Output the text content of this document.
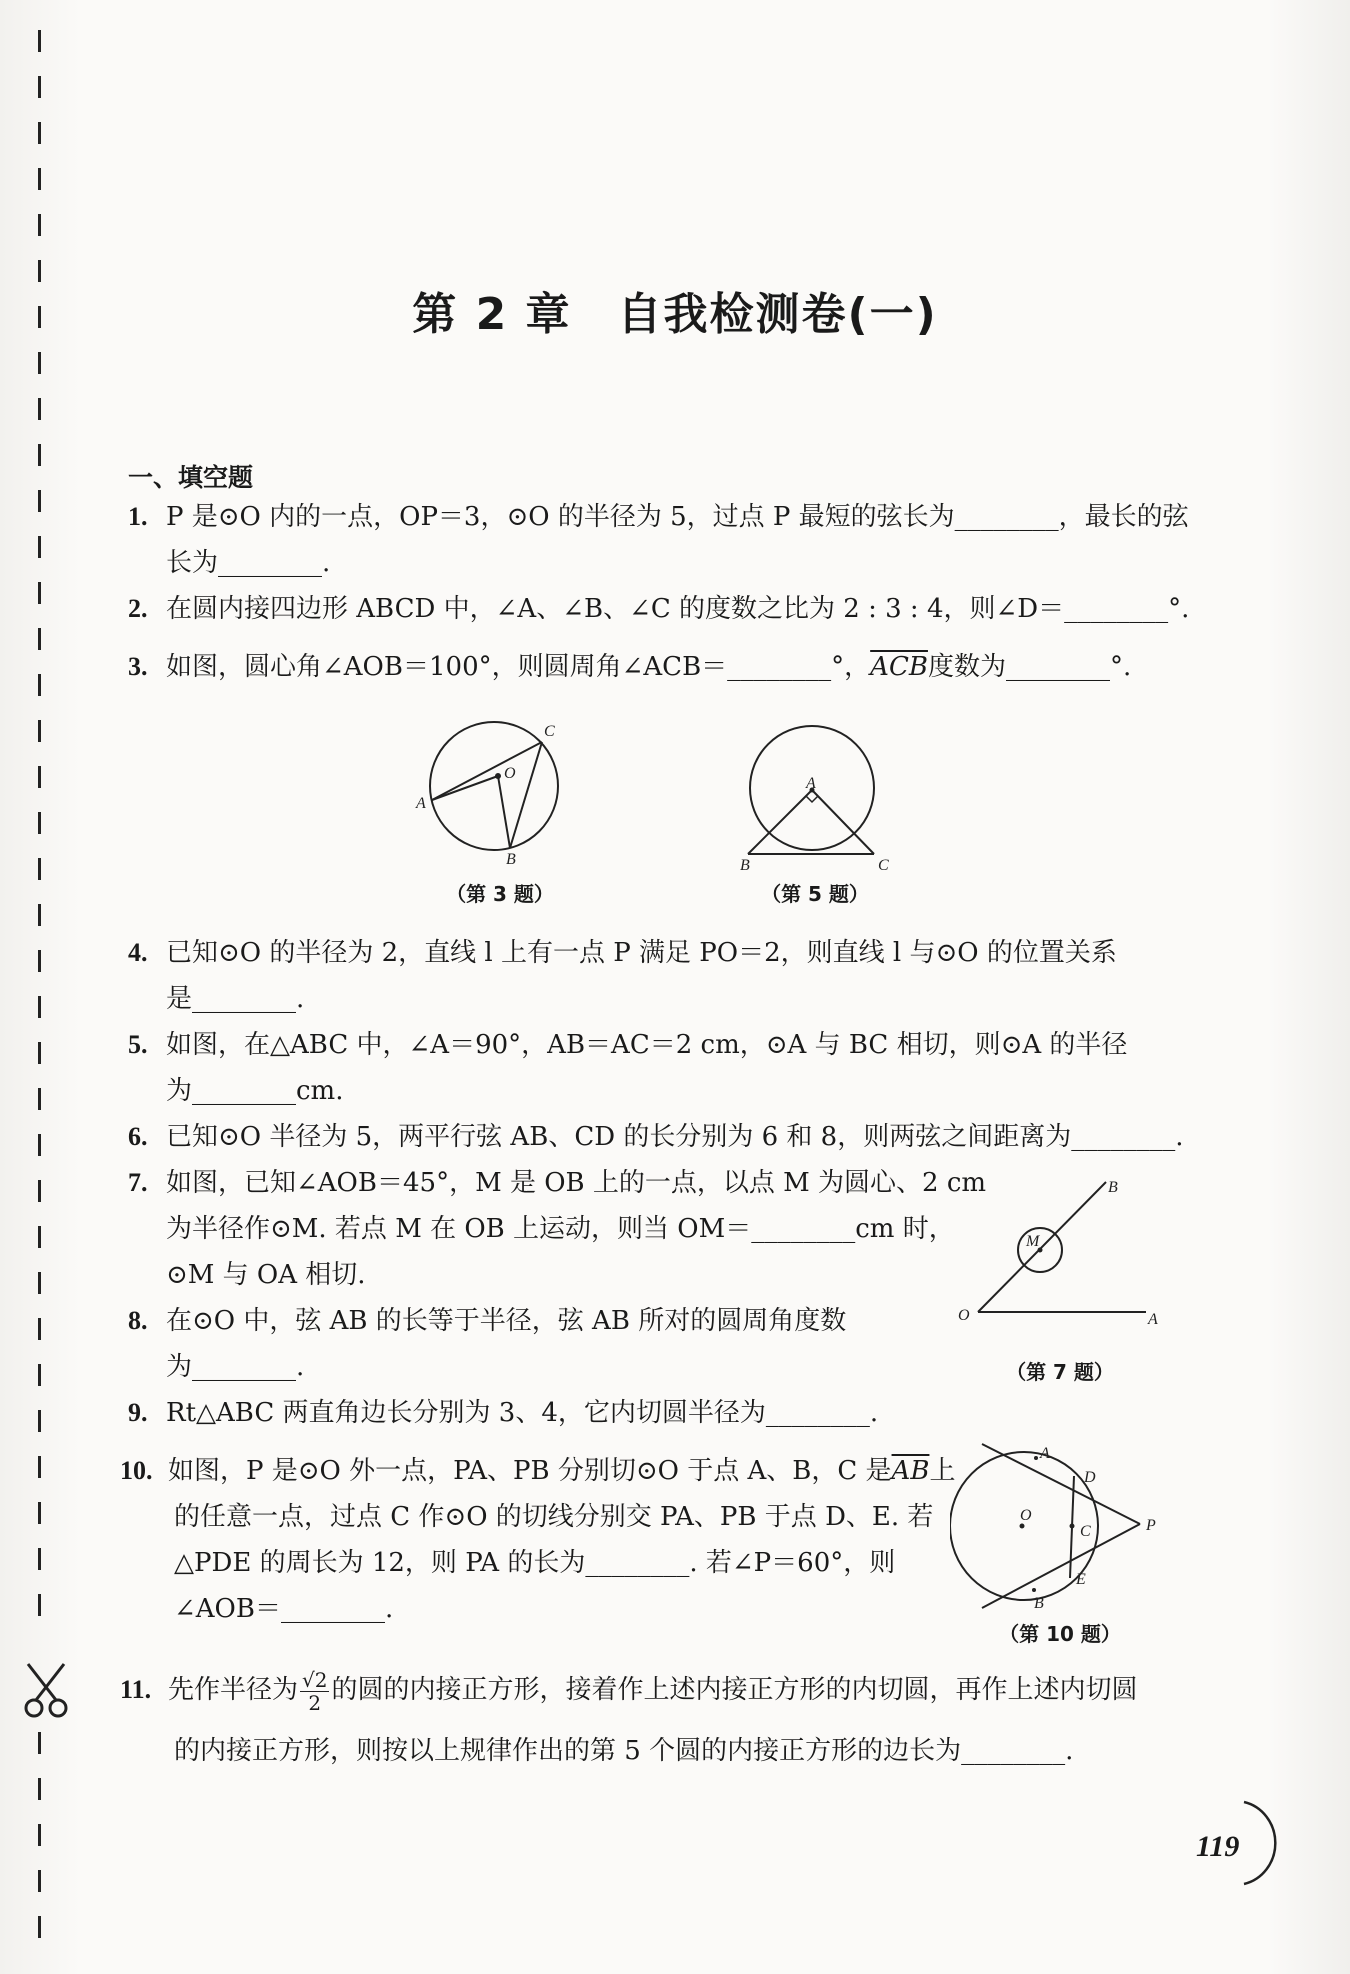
第 2 章　自我检测卷(一)
一、填空题
1. P 是⊙O 内的一点，OP＝3，⊙O 的半径为 5，过点 P 最短的弦长为________，最长的弦
长为________.
2. 在圆内接四边形 ABCD 中，∠A、∠B、∠C 的度数之比为 2 : 3 : 4，则∠D＝________°.
3. 如图，圆心角∠AOB＝100°，则圆周角∠ACB＝________°，$\overline{ACB}$度数为________°.
A
B
C
O
（第 3 题）
A
B	C
（第 5 题）
4. 已知⊙O 的半径为 2，直线 l 上有一点 P 满足 PO＝2，则直线 l 与⊙O 的位置关系
是________.
5. 如图，在△ABC 中，∠A＝90°，AB＝AC＝2 cm，⊙A 与 BC 相切，则⊙A 的半径
为________cm.
6. 已知⊙O 半径为 5，两平行弦 AB、CD 的长分别为 6 和 8，则两弦之间距离为________.
7. 如图，已知∠AOB＝45°，M 是 OB 上的一点，以点 M 为圆心、2 cm
为半径作⊙M. 若点 M 在 OB 上运动，则当 OM＝________cm 时，
⊙M 与 OA 相切.
O	A
B
M
（第 7 题）
8. 在⊙O 中，弦 AB 的长等于半径，弦 AB 所对的圆周角度数
为________.
9. Rt△ABC 两直角边长分别为 3、4，它内切圆半径为________.
10. 如图，P 是⊙O 外一点，PA、PB 分别切⊙O 于点 A、B，C 是$\overline{AB}$上
的任意一点，过点 C 作⊙O 的切线分别交 PA、PB 于点 D、E. 若
△PDE 的周长为 12，则 PA 的长为________. 若∠P＝60°，则
∠AOB＝________.
O
A
B
C
D
E
P
（第 10 题）
11. 先作半径为 $\frac{√2}{2}$ 的圆的内接正方形，接着作上述内接正方形的内切圆，再作上述内切圆
的内接正方形，则按以上规律作出的第 5 个圆的内接正方形的边长为________.
119
